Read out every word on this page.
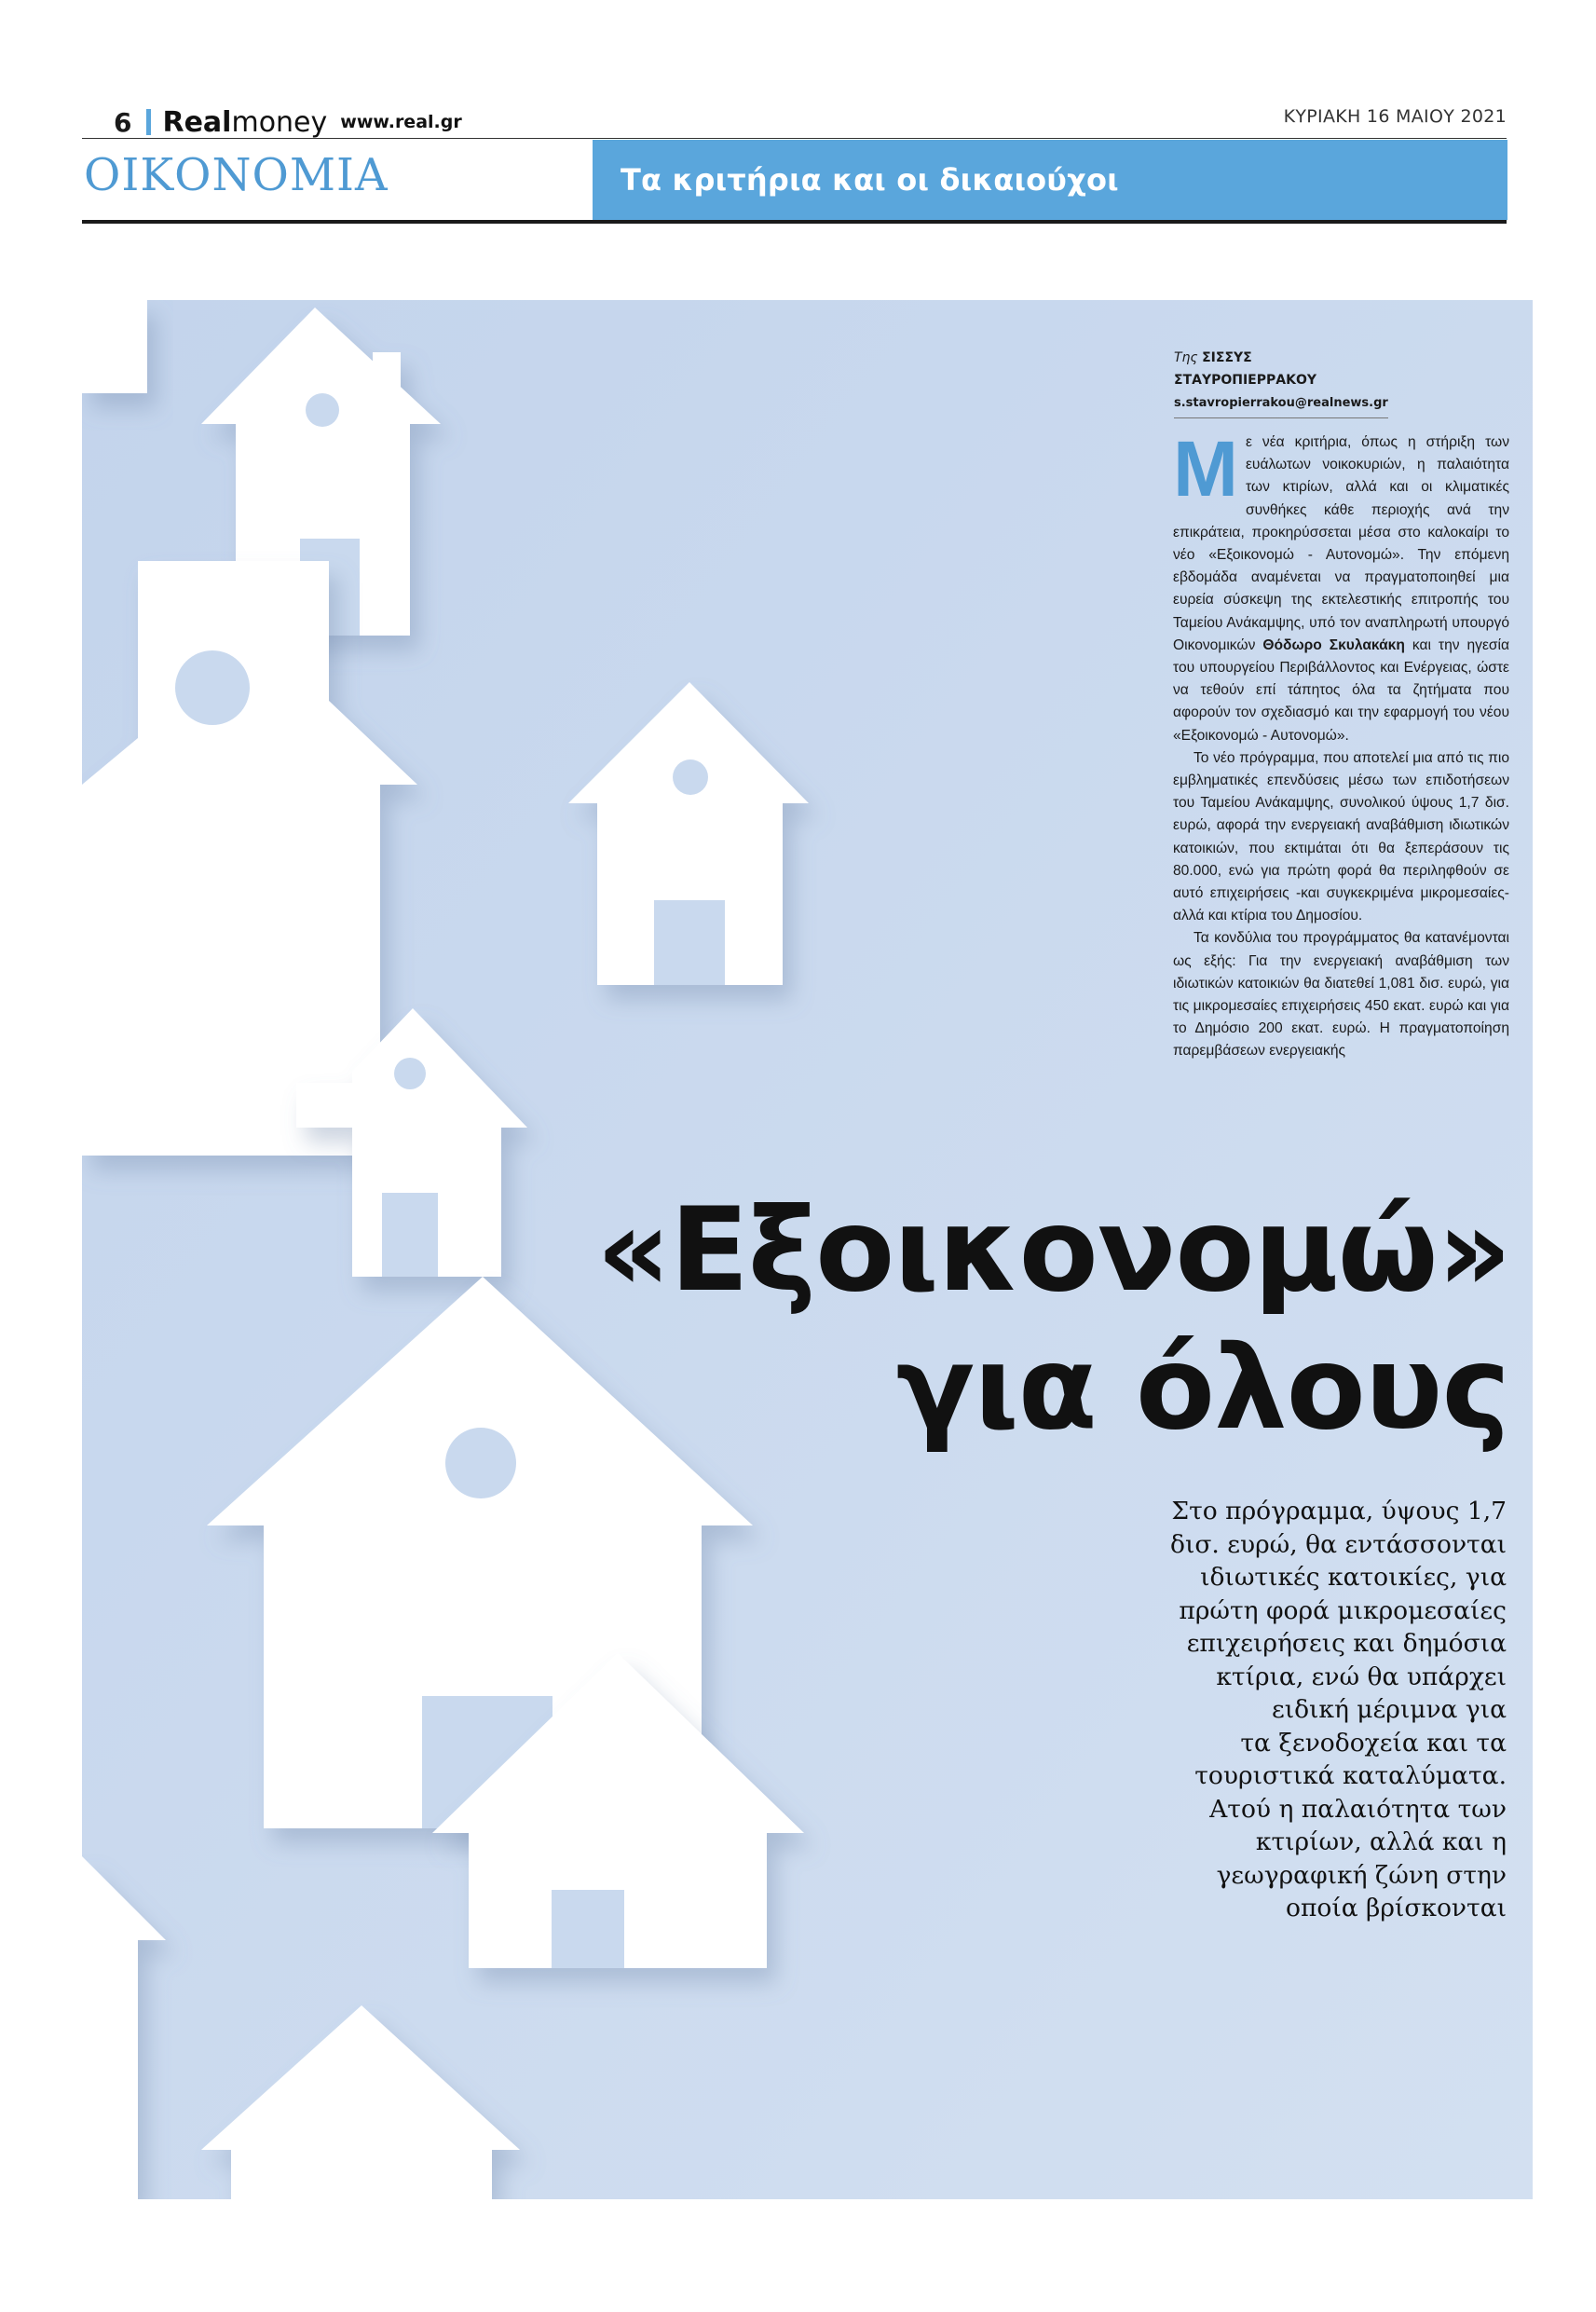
6 Real money www.real.gr	ΚΥΡΙΑΚΗ 16 ΜΑΙΟΥ 2021
ΟΙΚΟΝΟΜΙΑ	Τα κριτήρια και οι δικαιούχοι
Της ΣΙΣΣΥΣ ΣΤΑΥΡΟΠΙΕΡΡΑΚΟΥ
s.stavropierrakou@realnews.gr

Με νέα κριτήρια, όπως η στήριξη των ευάλωτων νοικοκυριών, η παλαιότητα των κτιρίων, αλλά και οι κλιματικές συνθήκες κάθε περιοχής ανά την επικράτεια, προκηρύσσεται μέσα στο καλοκαίρι το νέο «Εξοικονομώ - Αυτονομώ». Την επόμενη εβδομάδα αναμένεται να πραγματοποιηθεί μια ευρεία σύσκεψη της εκτελεστικής επιτροπής του Ταμείου Ανάκαμψης, υπό τον αναπληρωτή υπουργό Οικονομικών Θόδωρο Σκυλακάκη και την ηγεσία του υπουργείου Περιβάλλοντος και Ενέργειας, ώστε να τεθούν επί τάπητος όλα τα ζητήματα που αφορούν τον σχεδιασμό και την εφαρμογή του νέου «Εξοικονομώ - Αυτονομώ».

Το νέο πρόγραμμα, που αποτελεί μια από τις πιο εμβληματικές επενδύσεις μέσω των επιδοτήσεων του Ταμείου Ανάκαμψης, συνολικού ύψους 1,7 δισ. ευρώ, αφορά την ενεργειακή αναβάθμιση ιδιωτικών κατοικιών, που εκτιμάται ότι θα ξεπεράσουν τις 80.000, ενώ για πρώτη φορά θα περιληφθούν σε αυτό επιχειρήσεις -και συγκεκριμένα μικρομεσαίες- αλλά και κτίρια του Δημοσίου.

Τα κονδύλια του προγράμματος θα κατανέμονται ως εξής: Για την ενεργειακή αναβάθμιση των ιδιωτικών κατοικιών θα διατεθεί 1,081 δισ. ευρώ, για τις μικρομεσαίες επιχειρήσεις 450 εκατ. ευρώ και για το Δημόσιο 200 εκατ. ευρώ. Η πραγματοποίηση παρεμβάσεων ενεργειακής

«Εξοικονομώ»
για όλους
Στο πρόγραμμα, ύψους 1,7
δισ. ευρώ, θα εντάσσονται
ιδιωτικές κατοικίες, για
πρώτη φορά μικρομεσαίες
επιχειρήσεις και δημόσια
κτίρια, ενώ θα υπάρχει
ειδική μέριμνα για
τα ξενοδοχεία και τα
τουριστικά καταλύματα.
Ατού η παλαιότητα των
κτιρίων, αλλά και η
γεωγραφική ζώνη στην
οποία βρίσκονται
